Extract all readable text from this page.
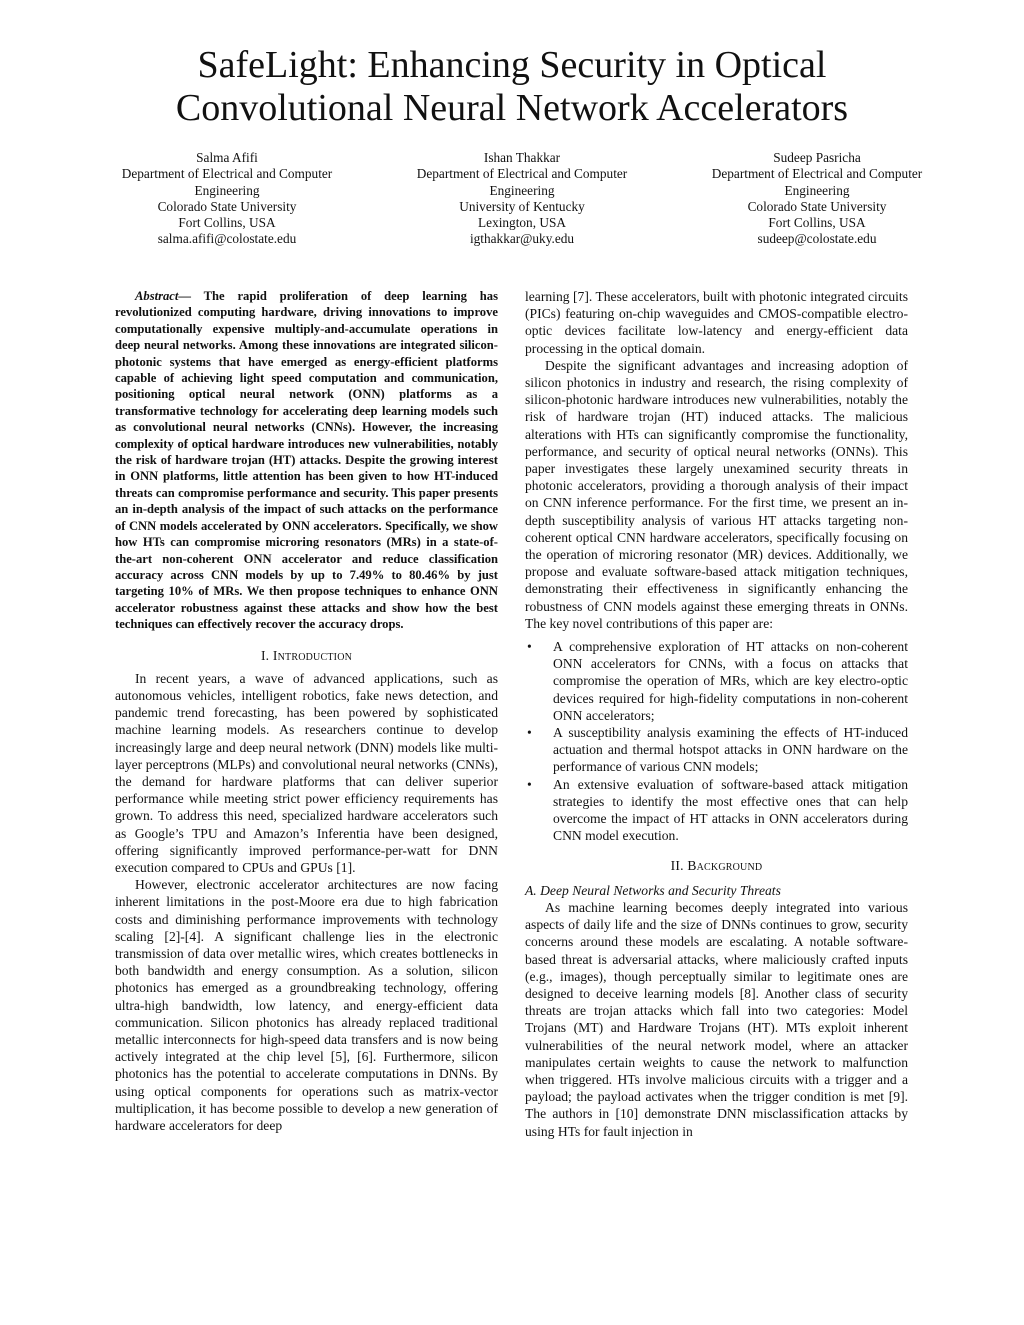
SafeLight: Enhancing Security in Optical
Convolutional Neural Network Accelerators
Salma Afifi
Department of Electrical and Computer
Engineering
Colorado State University
Fort Collins, USA
salma.afifi@colostate.edu
Ishan Thakkar
Department of Electrical and Computer
Engineering
University of Kentucky
Lexington, USA
igthakkar@uky.edu
Sudeep Pasricha
Department of Electrical and Computer
Engineering
Colorado State University
Fort Collins, USA
sudeep@colostate.edu

Abstract— The rapid proliferation of deep learning has revolutionized computing hardware, driving innovations to improve computationally expensive multiply-and-accumulate operations in deep neural networks. Among these innovations are integrated silicon-photonic systems that have emerged as energy-efficient platforms capable of achieving light speed computation and communication, positioning optical neural network (ONN) platforms as a transformative technology for accelerating deep learning models such as convolutional neural networks (CNNs). However, the increasing complexity of optical hardware introduces new vulnerabilities, notably the risk of hardware trojan (HT) attacks. Despite the growing interest in ONN platforms, little attention has been given to how HT-induced threats can compromise performance and security. This paper presents an in-depth analysis of the impact of such attacks on the performance of CNN models accelerated by ONN accelerators. Specifically, we show how HTs can compromise microring resonators (MRs) in a state-of-the-art non-coherent ONN accelerator and reduce classification accuracy across CNN models by up to 7.49% to 80.46% by just targeting 10% of MRs. We then propose techniques to enhance ONN accelerator robustness against these attacks and show how the best techniques can effectively recover the accuracy drops.

I. Introduction

In recent years, a wave of advanced applications, such as autonomous vehicles, intelligent robotics, fake news detection, and pandemic trend forecasting, has been powered by sophisticated machine learning models. As researchers continue to develop increasingly large and deep neural network (DNN) models like multi-layer perceptrons (MLPs) and convolutional neural networks (CNNs), the demand for hardware platforms that can deliver superior performance while meeting strict power efficiency requirements has grown. To address this need, specialized hardware accelerators such as Google’s TPU and Amazon’s Inferentia have been designed, offering significantly improved performance-per-watt for DNN execution compared to CPUs and GPUs [1].

However, electronic accelerator architectures are now facing inherent limitations in the post-Moore era due to high fabrication costs and diminishing performance improvements with technology scaling [2]-[4]. A significant challenge lies in the electronic transmission of data over metallic wires, which creates bottlenecks in both bandwidth and energy consumption. As a solution, silicon photonics has emerged as a groundbreaking technology, offering ultra-high bandwidth, low latency, and energy-efficient data communication. Silicon photonics has already replaced traditional metallic interconnects for high-speed data transfers and is now being actively integrated at the chip level [5], [6]. Furthermore, silicon photonics has the potential to accelerate computations in DNNs. By using optical components for operations such as matrix-vector multiplication, it has become possible to develop a new generation of hardware accelerators for deep

learning [7]. These accelerators, built with photonic integrated circuits (PICs) featuring on-chip waveguides and CMOS-compatible electro-optic devices facilitate low-latency and energy-efficient data processing in the optical domain.

Despite the significant advantages and increasing adoption of silicon photonics in industry and research, the rising complexity of silicon-photonic hardware introduces new vulnerabilities, notably the risk of hardware trojan (HT) induced attacks. The malicious alterations with HTs can significantly compromise the functionality, performance, and security of optical neural networks (ONNs). This paper investigates these largely unexamined security threats in photonic accelerators, providing a thorough analysis of their impact on CNN inference performance. For the first time, we present an in-depth susceptibility analysis of various HT attacks targeting non-coherent optical CNN hardware accelerators, specifically focusing on the operation of microring resonator (MR) devices. Additionally, we propose and evaluate software-based attack mitigation techniques, demonstrating their effectiveness in significantly enhancing the robustness of CNN models against these emerging threats in ONNs. The key novel contributions of this paper are:

• A comprehensive exploration of HT attacks on non-coherent ONN accelerators for CNNs, with a focus on attacks that compromise the operation of MRs, which are key electro-optic devices required for high-fidelity computations in non-coherent ONN accelerators;
• A susceptibility analysis examining the effects of HT-induced actuation and thermal hotspot attacks in ONN hardware on the performance of various CNN models;
• An extensive evaluation of software-based attack mitigation strategies to identify the most effective ones that can help overcome the impact of HT attacks in ONN accelerators during CNN model execution.
II. Background
A. Deep Neural Networks and Security Threats

As machine learning becomes deeply integrated into various aspects of daily life and the size of DNNs continues to grow, security concerns around these models are escalating. A notable software-based threat is adversarial attacks, where maliciously crafted inputs (e.g., images), though perceptually similar to legitimate ones are designed to deceive learning models [8]. Another class of security threats are trojan attacks which fall into two categories: Model Trojans (MT) and Hardware Trojans (HT). MTs exploit inherent vulnerabilities of the neural network model, where an attacker manipulates certain weights to cause the network to malfunction when triggered. HTs involve malicious circuits with a trigger and a payload; the payload activates when the trigger condition is met [9]. The authors in [10] demonstrate DNN misclassification attacks by using HTs for fault injection in
